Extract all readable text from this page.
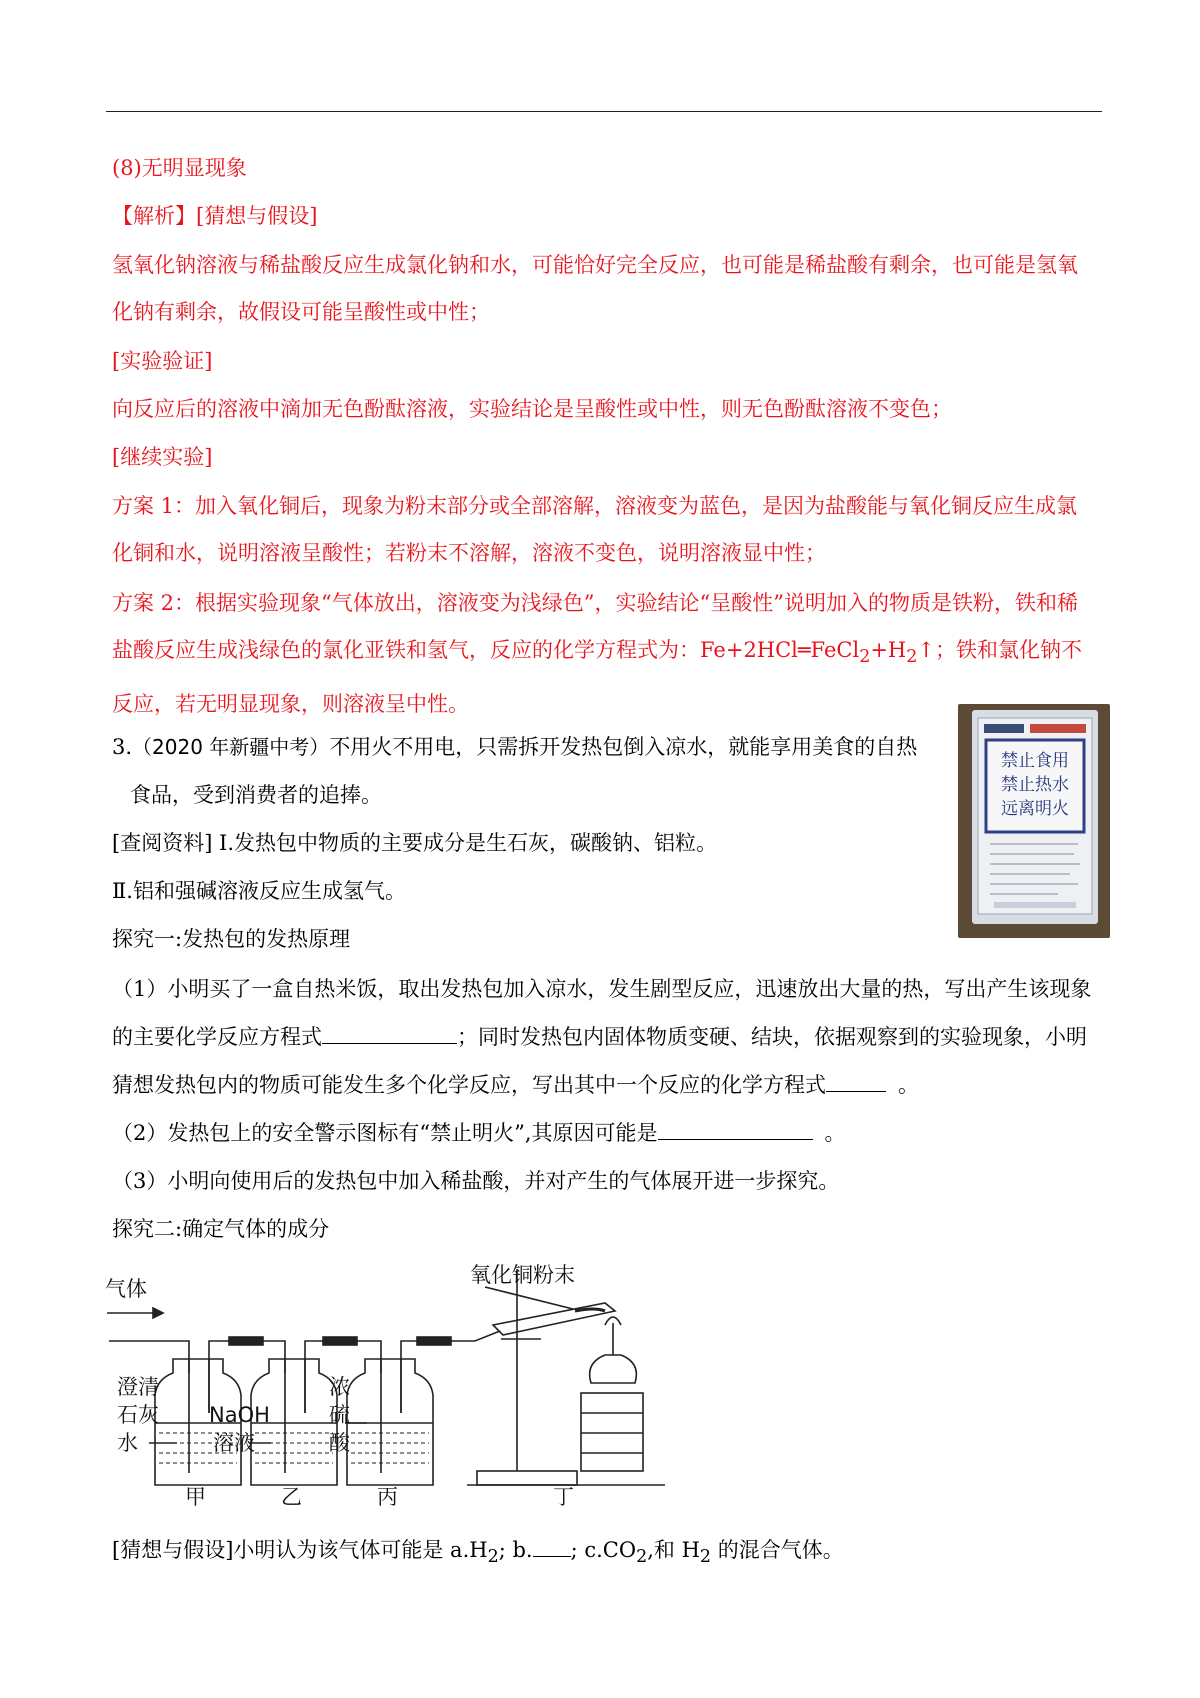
(8)无明显现象

【解析】[猜想与假设]

氢氧化钠溶液与稀盐酸反应生成氯化钠和水，可能恰好完全反应，也可能是稀盐酸有剩余，也可能是氢氧化钠有剩余，故假设可能呈酸性或中性；

[实验验证]

向反应后的溶液中滴加无色酚酞溶液，实验结论是呈酸性或中性，则无色酚酞溶液不变色；

[继续实验]

方案 1：加入氧化铜后，现象为粉末部分或全部溶解，溶液变为蓝色，是因为盐酸能与氧化铜反应生成氯化铜和水，说明溶液呈酸性；若粉末不溶解，溶液不变色，说明溶液显中性；

方案 2：根据实验现象“气体放出，溶液变为浅绿色”，实验结论“呈酸性”说明加入的物质是铁粉，铁和稀盐酸反应生成浅绿色的氯化亚铁和氢气，反应的化学方程式为：$Fe+2HCl═FeCl_2+H_2↑$；铁和氯化钠不反应，若无明显现象，则溶液呈中性。

3.（2020 年新疆中考）不用火不用电，只需拆开发热包倒入凉水，就能享用美食的自热

食品，受到消费者的追捧。

[查阅资料] I.发热包中物质的主要成分是生石灰，碳酸钠、铝粒。

Ⅱ.铝和强碱溶液反应生成氢气。

探究一:发热包的发热原理

（1）小明买了一盒自热米饭，取出发热包加入凉水，发生剧型反应，迅速放出大量的热，写出产生该现象的主要化学反应方程式	；同时发热包内固体物质变硬、结块，依据观察到的实验现象，小明猜想发热包内的物质可能发生多个化学反应，写出其中一个反应的化学方程式	。

（2）发热包上的安全警示图标有“禁止明火”,其原因可能是	。

（3）小明向使用后的发热包中加入稀盐酸，并对产生的气体展开进一步探究。

探究二:确定气体的成分

[猜想与假设]小明认为该气体可能是 $a.H_2$; b. ; $c.CO_2$,和 $H_2$ 的混合气体。

禁止食用
禁止热水
远离明火
气体
氧化铜粉末
澄清
石灰
水
NaOH
溶液
浓
硫
酸
甲	乙	丙	丁
